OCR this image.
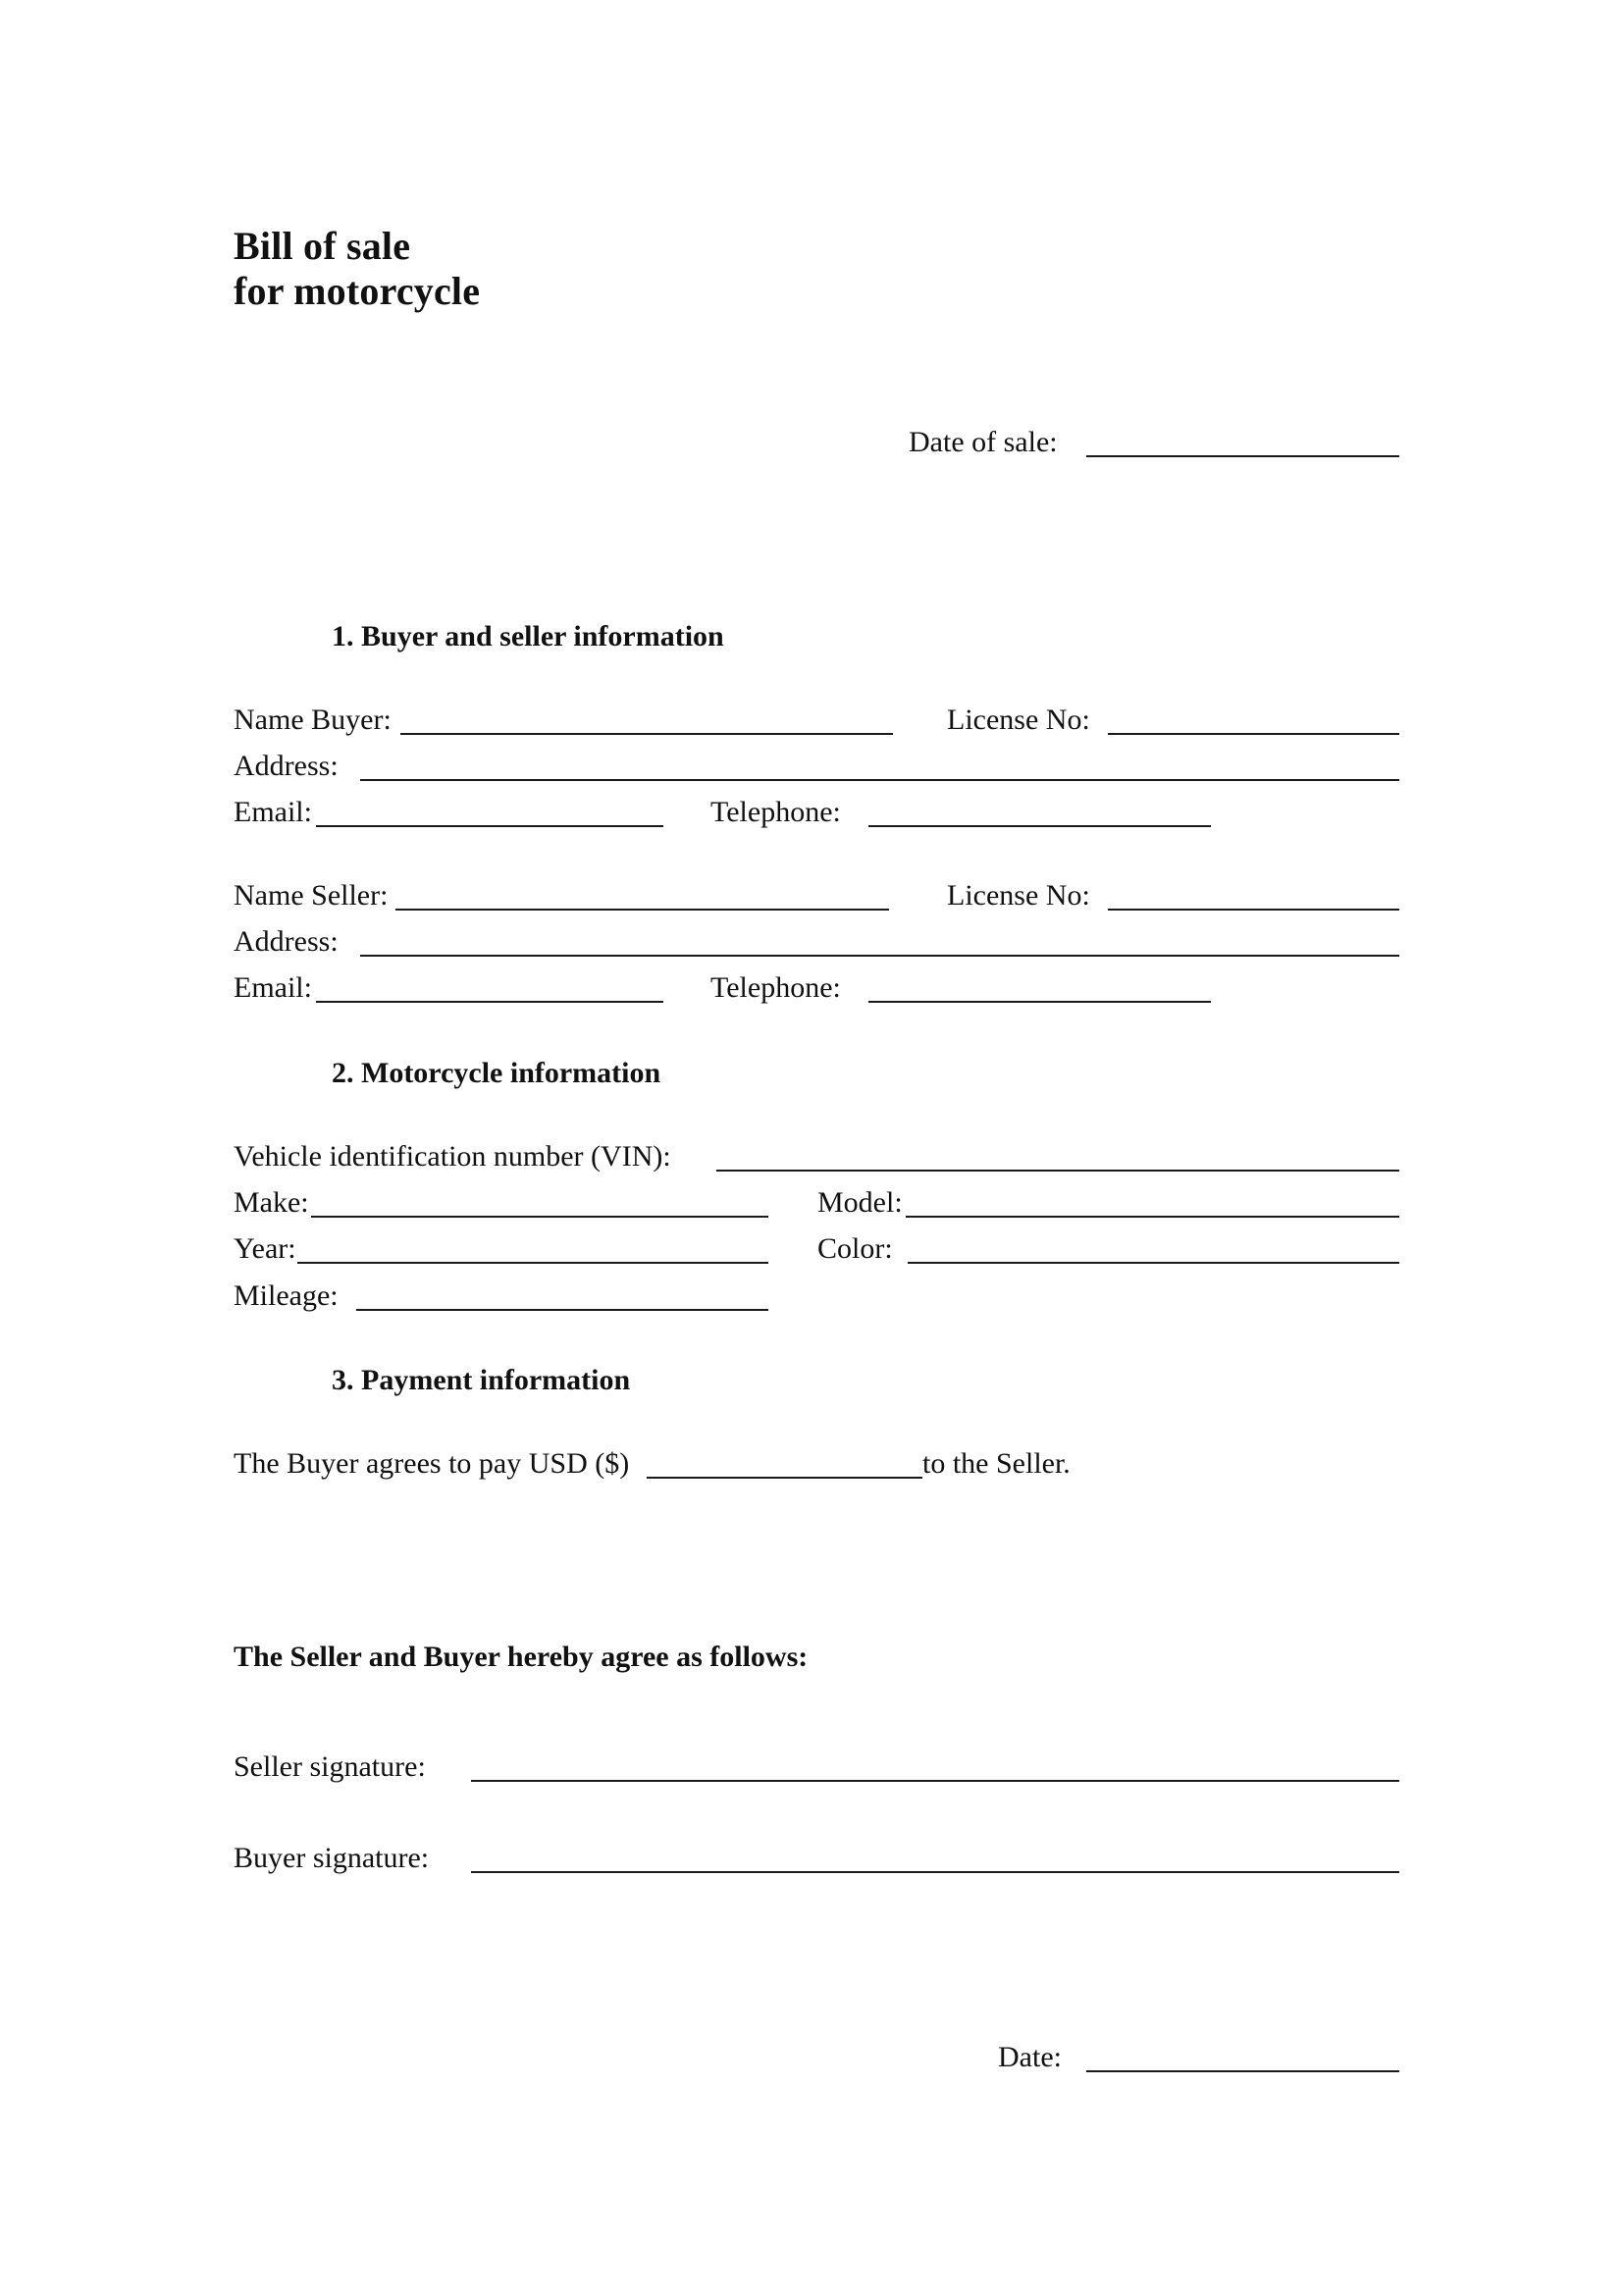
Bill of sale
for motorcycle
Date of sale:
1. Buyer and seller information
Name Buyer:	License No:
Address:
Email:	Telephone:
Name Seller:	License No:
Address:
Email:	Telephone:
2. Motorcycle information
Vehicle identification number (VIN):
Make:	Model:
Year:	Color:
Mileage:
3. Payment information
The Buyer agrees to pay USD ($)	to the Seller.
The Seller and Buyer hereby agree as follows:
Seller signature:
Buyer signature:
Date:
